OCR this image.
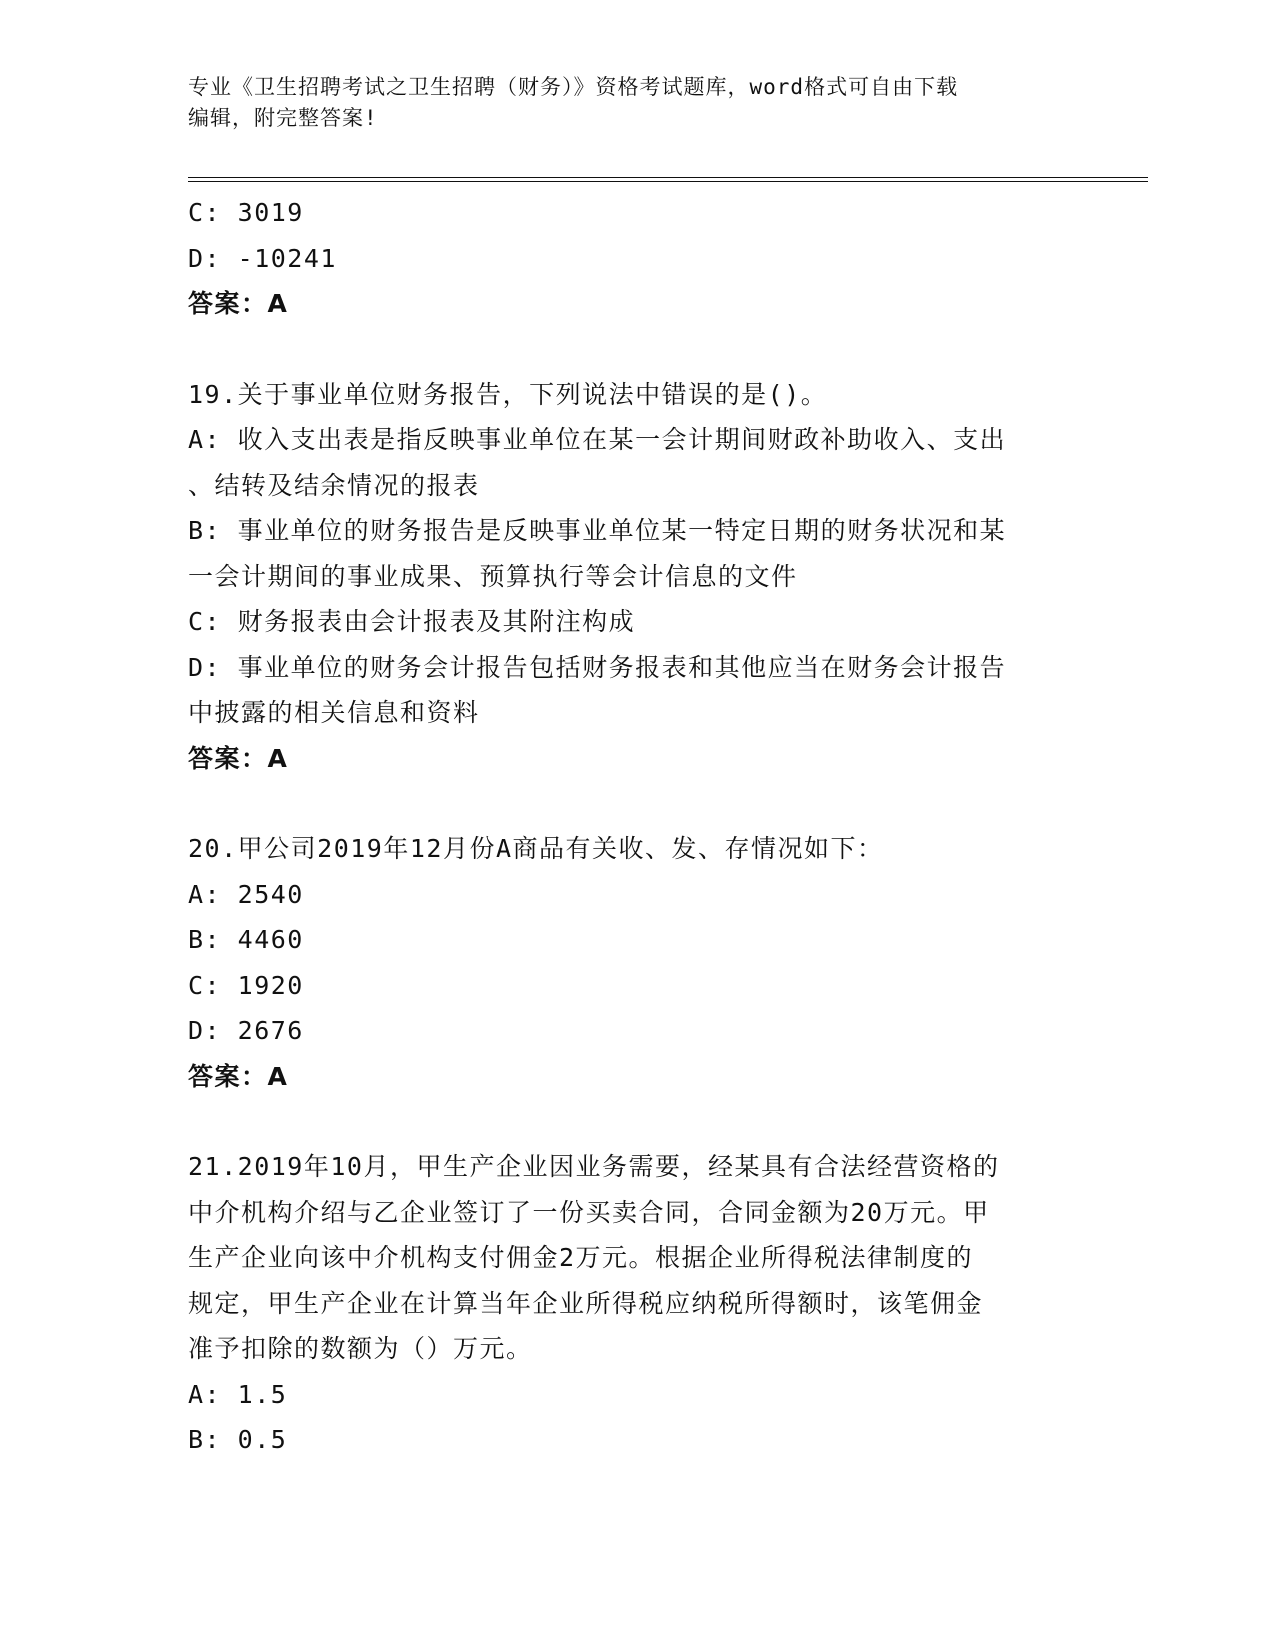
专业《卫生招聘考试之卫生招聘（财务）》资格考试题库，word格式可自由下载
编辑，附完整答案!
C: 3019
D: -10241
答案：A
19.关于事业单位财务报告，下列说法中错误的是()。
A: 收入支出表是指反映事业单位在某一会计期间财政补助收入、支出
、结转及结余情况的报表
B: 事业单位的财务报告是反映事业单位某一特定日期的财务状况和某
一会计期间的事业成果、预算执行等会计信息的文件
C: 财务报表由会计报表及其附注构成
D: 事业单位的财务会计报告包括财务报表和其他应当在财务会计报告
中披露的相关信息和资料
答案：A
20.甲公司2019年12月份A商品有关收、发、存情况如下：
A: 2540
B: 4460
C: 1920
D: 2676
答案：A
21.2019年10月，甲生产企业因业务需要，经某具有合法经营资格的
中介机构介绍与乙企业签订了一份买卖合同，合同金额为20万元。甲
生产企业向该中介机构支付佣金2万元。根据企业所得税法律制度的
规定，甲生产企业在计算当年企业所得税应纳税所得额时，该笔佣金
准予扣除的数额为（）万元。
A: 1.5
B: 0.5
